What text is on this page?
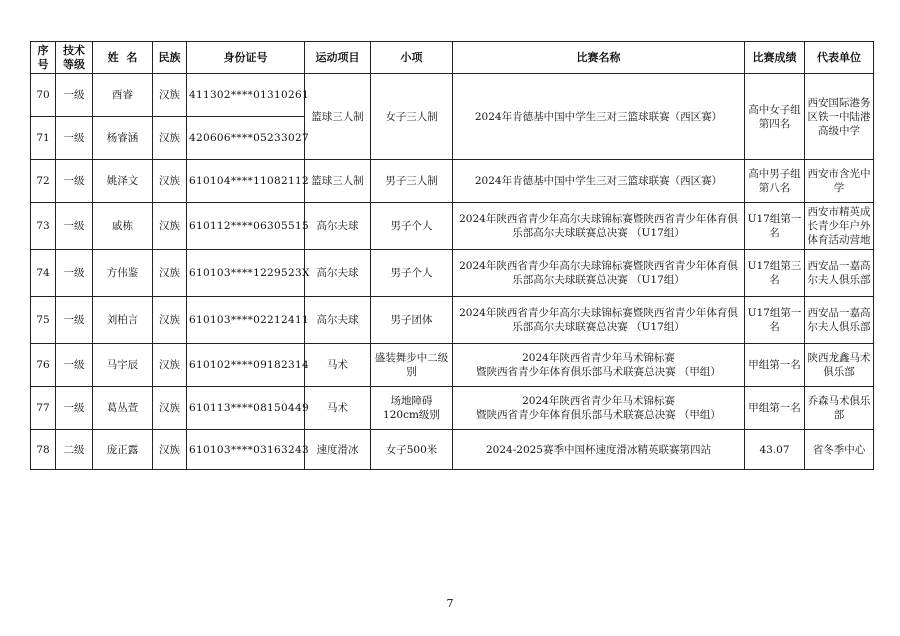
序号	技术等级	姓  名	民族	身份证号	运动项目	小项	比赛名称	比赛成绩	代表单位
70	一级	酉睿	汉族	411302****01310261	篮球三人制	女子三人制	2024年肯德基中国中学生三对三篮球联赛（西区赛）	高中女子组第四名	西安国际港务区铁一中陆港高级中学
71	一级	杨睿涵	汉族	420606****05233027					
72	一级	姚泽文	汉族	610104****11082112	篮球三人制	男子三人制	2024年肯德基中国中学生三对三篮球联赛（西区赛）	高中男子组第八名	西安市含光中学
73	一级	戚栋	汉族	610112****06305515	高尔夫球	男子个人	2024年陕西省青少年高尔夫球锦标赛暨陕西省青少年体育俱乐部高尔夫球联赛总决赛 （U17组）	U17组第一名	西安市精英成长青少年户外体育活动营地
74	一级	方伟鉴	汉族	610103****1229523X	高尔夫球	男子个人	2024年陕西省青少年高尔夫球锦标赛暨陕西省青少年体育俱乐部高尔夫球联赛总决赛 （U17组）	U17组第三名	西安品一嘉高尔夫人俱乐部
75	一级	刘柏言	汉族	610103****02212411	高尔夫球	男子团体	2024年陕西省青少年高尔夫球锦标赛暨陕西省青少年体育俱乐部高尔夫球联赛总决赛 （U17组）	U17组第一名	西安品一嘉高尔夫人俱乐部
76	一级	马宇辰	汉族	610102****09182314	马术	盛装舞步中二级别	2024年陕西省青少年马术锦标赛
暨陕西省青少年体育俱乐部马术联赛总决赛 （甲组）	甲组第一名	陕西龙鑫马术俱乐部
77	一级	葛丛萱	汉族	610113****08150449	马术	场地障碍120cm级别	2024年陕西省青少年马术锦标赛
暨陕西省青少年体育俱乐部马术联赛总决赛 （甲组）	甲组第一名	乔森马术俱乐部
78	二级	庞正露	汉族	610103****03163243	速度滑冰	女子500米	2024-2025赛季中国杯速度滑冰精英联赛第四站	43.07	省冬季中心
7
